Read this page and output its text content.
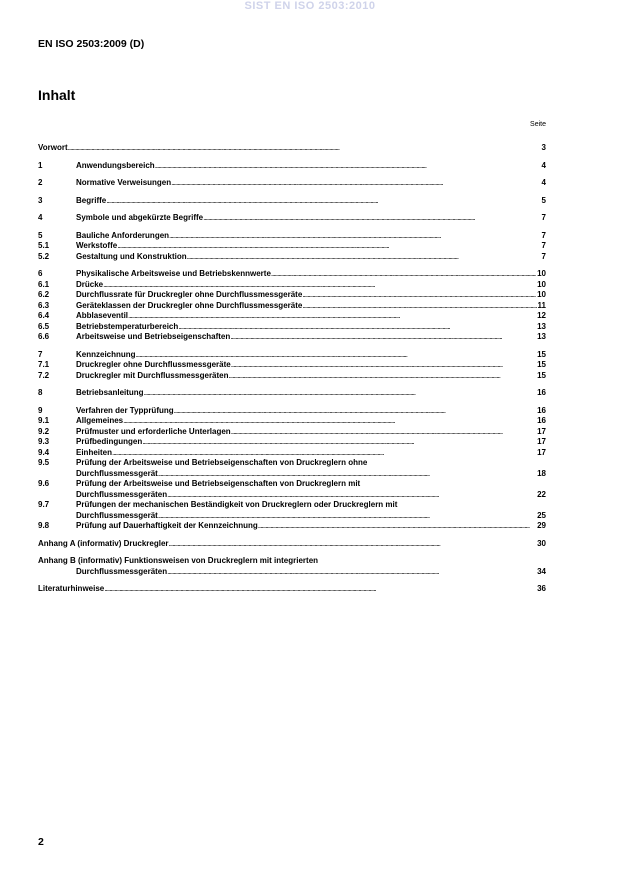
SIST EN ISO 2503:2010
EN ISO 2503:2009 (D)
Inhalt
Seite
Vorwort . . .	3
1	Anwendungsbereich . . .	4
2	Normative Verweisungen . . .	4
3	Begriffe . . .	5
4	Symbole und abgekürzte Begriffe . . .	7
5	Bauliche Anforderungen . . .	7
5.1	Werkstoffe . . .	7
5.2	Gestaltung und Konstruktion . . .	7
6	Physikalische Arbeitsweise und Betriebskennwerte . . .	10
6.1	Drücke . . .	10
6.2	Durchflussrate für Druckregler ohne Durchflussmessgeräte . . .	10
6.3	Geräteklassen der Druckregler ohne Durchflussmessgeräte . . .	11
6.4	Abblaseventil . . .	12
6.5	Betriebstemperaturbereich . . .	13
6.6	Arbeitsweise und Betriebseigenschaften . . .	13
7	Kennzeichnung . . .	15
7.1	Druckregler ohne Durchflussmessgeräte . . .	15
7.2	Druckregler mit Durchflussmessgeräten . . .	15
8	Betriebsanleitung . . .	16
9	Verfahren der Typprüfung . . .	16
9.1	Allgemeines . . .	16
9.2	Prüfmuster und erforderliche Unterlagen . . .	17
9.3	Prüfbedingungen . . .	17
9.4	Einheiten . . .	17
9.5	Prüfung der Arbeitsweise und Betriebseigenschaften von Druckreglern ohne
Durchflussmessgerät . . .	18
9.6	Prüfung der Arbeitsweise und Betriebseigenschaften von Druckreglern mit
Durchflussmessgeräten . . .	22
9.7	Prüfungen der mechanischen Beständigkeit von Druckreglern oder Druckreglern mit
Durchflussmessgerät . . .	25
9.8	Prüfung auf Dauerhaftigkeit der Kennzeichnung . . .	29
Anhang A (informativ) Druckregler . . .	30
Anhang B (informativ) Funktionsweisen von Druckreglern mit integrierten
Durchflussmessgeräten . . .	34
Literaturhinweise . . .	36
2
